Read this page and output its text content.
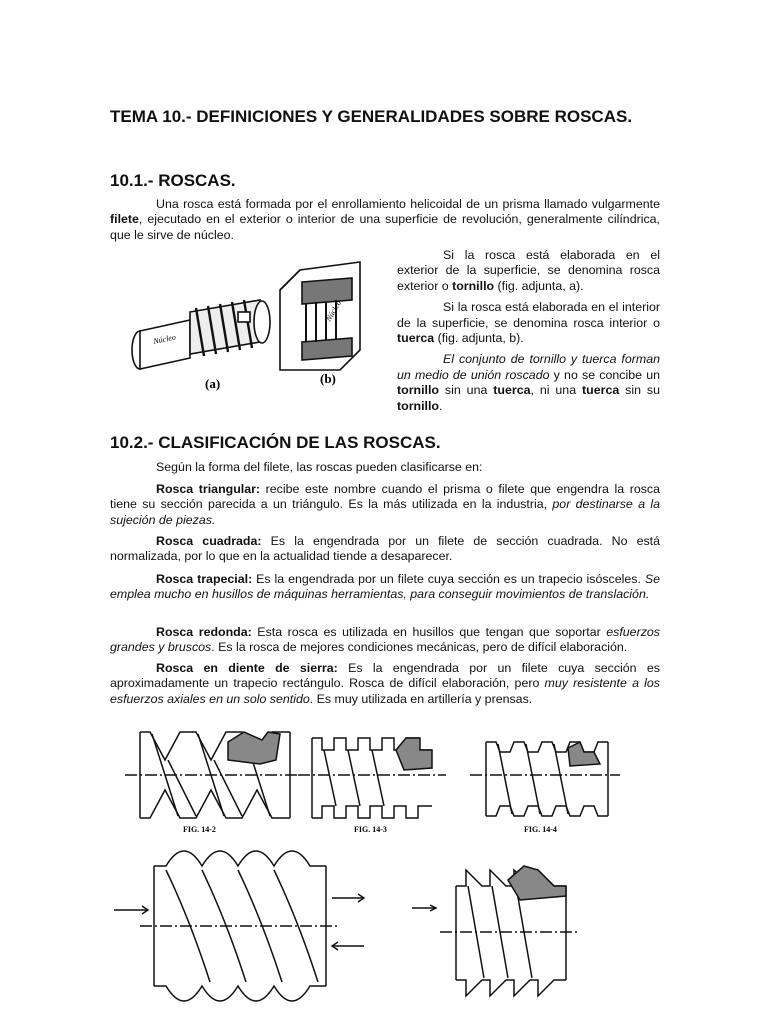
TEMA 10.- DEFINICIONES Y GENERALIDADES SOBRE ROSCAS.
10.1.- ROSCAS.

Una rosca está formada por el enrollamiento helicoidal de un prisma llamado vulgarmente filete, ejecutado en el exterior o interior de una superficie de revolución, generalmente cilíndrica, que le sirve de núcleo.

Núcleo
(a)
Núcleo
(b)

Si la rosca está elaborada en el exterior de la superficie, se denomina rosca exterior o tornillo (fig. adjunta, a).

Si la rosca está elaborada en el interior de la superficie, se denomina rosca interior o tuerca (fig. adjunta, b).

El conjunto de tornillo y tuerca forman un medio de unión roscado y no se concibe un tornillo sin una tuerca, ni una tuerca sin su tornillo.

10.2.- CLASIFICACIÓN DE LAS ROSCAS.

Según la forma del filete, las roscas pueden clasificarse en:

Rosca triangular: recibe este nombre cuando el prisma o filete que engendra la rosca tiene su sección parecida a un triángulo. Es la más utilizada en la industria, por destinarse a la sujeción de piezas.

Rosca cuadrada: Es la engendrada por un filete de sección cuadrada. No está normalizada, por lo que en la actualidad tiende a desaparecer.

Rosca trapecial: Es la engendrada por un filete cuya sección es un trapecio isósceles. Se emplea mucho en husillos de máquinas herramientas, para conseguir movimientos de translación.

Rosca redonda: Esta rosca es utilizada en husillos que tengan que soportar esfuerzos grandes y bruscos. Es la rosca de mejores condiciones mecánicas, pero de difícil elaboración.

Rosca en diente de sierra: Es la engendrada por un filete cuya sección es aproximadamente un trapecio rectángulo. Rosca de difícil elaboración, pero muy resistente a los esfuerzos axiales en un solo sentido. Es muy utilizada en artillería y prensas.

FIG. 14-2	FIG. 14-3	FIG. 14-4
